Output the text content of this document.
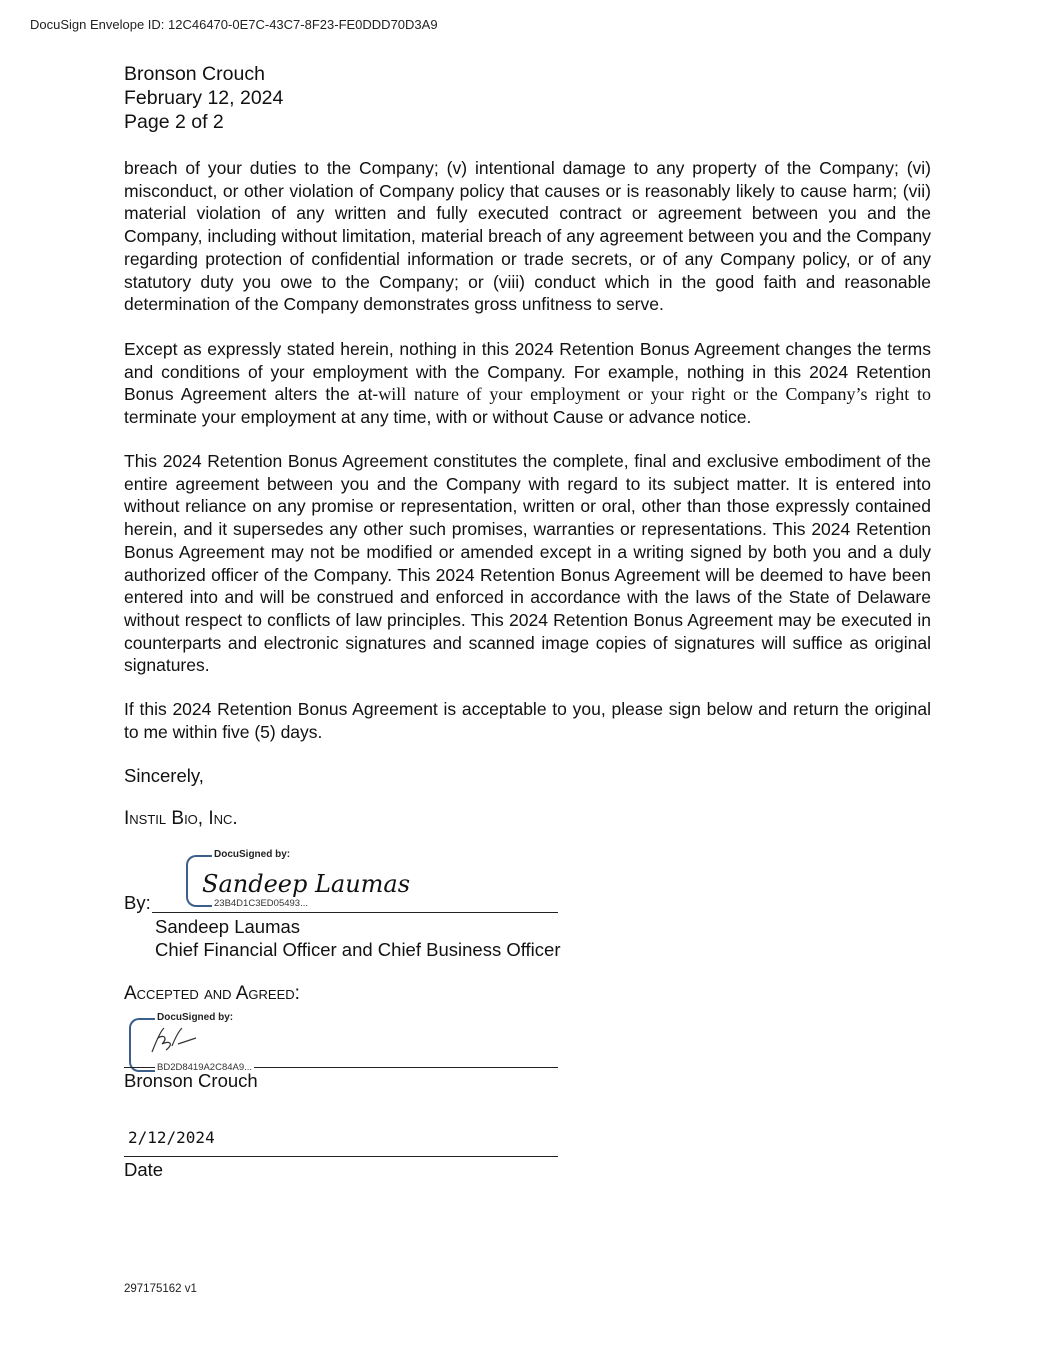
DocuSign Envelope ID: 12C46470-0E7C-43C7-8F23-FE0DDD70D3A9
Bronson Crouch
February 12, 2024
Page 2 of 2
breach of your duties to the Company; (v) intentional damage to any property of the Company; (vi) misconduct, or other violation of Company policy that causes or is reasonably likely to cause harm; (vii) material violation of any written and fully executed contract or agreement between you and the Company, including without limitation, material breach of any agreement between you and the Company regarding protection of confidential information or trade secrets, or of any Company policy, or of any statutory duty you owe to the Company; or (viii) conduct which in the good faith and reasonable determination of the Company demonstrates gross unfitness to serve.
Except as expressly stated herein, nothing in this 2024 Retention Bonus Agreement changes the terms and conditions of your employment with the Company. For example, nothing in this 2024 Retention Bonus Agreement alters the at-will nature of your employment or your right or the Company’s right to terminate your employment at any time, with or without Cause or advance notice.
This 2024 Retention Bonus Agreement constitutes the complete, final and exclusive embodiment of the entire agreement between you and the Company with regard to its subject matter. It is entered into without reliance on any promise or representation, written or oral, other than those expressly contained herein, and it supersedes any other such promises, warranties or representations. This 2024 Retention Bonus Agreement may not be modified or amended except in a writing signed by both you and a duly authorized officer of the Company. This 2024 Retention Bonus Agreement will be deemed to have been entered into and will be construed and enforced in accordance with the laws of the State of Delaware without respect to conflicts of law principles. This 2024 Retention Bonus Agreement may be executed in counterparts and electronic signatures and scanned image copies of signatures will suffice as original signatures.
If this 2024 Retention Bonus Agreement is acceptable to you, please sign below and return the original to me within five (5) days.
Sincerely,
Instil Bio, Inc.
DocuSigned by:
Sandeep Laumas
23B4D1C3ED05493...
By:
Sandeep Laumas
Chief Financial Officer and Chief Business Officer
Accepted and Agreed:
DocuSigned by:
BD2D8419A2C84A9...
Bronson Crouch
2/12/2024
Date
297175162 v1
